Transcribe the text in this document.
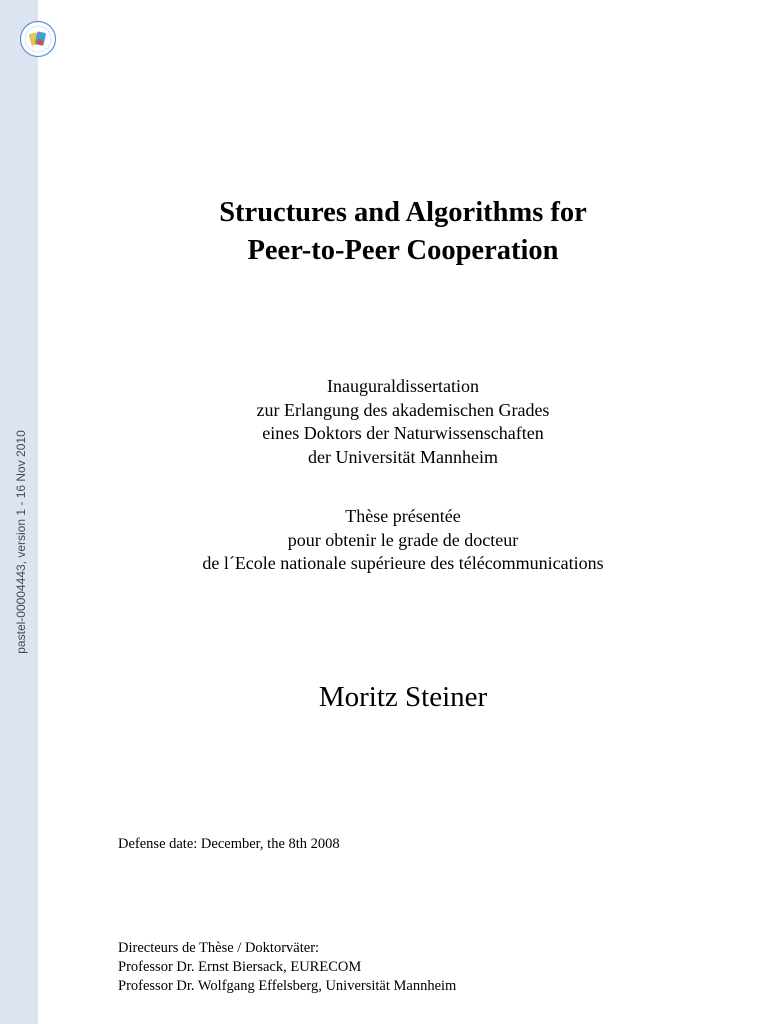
pastel-00004443, version 1 - 16 Nov 2010
Structures and Algorithms for
Peer-to-Peer Cooperation

Inauguraldissertation
zur Erlangung des akademischen Grades
eines Doktors der Naturwissenschaften
der Universität Mannheim

Thèse présentée
pour obtenir le grade de docteur
de l´Ecole nationale supérieure des télécommunications

Moritz Steiner

Defense date: December, the 8th 2008

Directeurs de Thèse / Doktorväter:
Professor Dr. Ernst Biersack, EURECOM
Professor Dr. Wolfgang Effelsberg, Universität Mannheim
